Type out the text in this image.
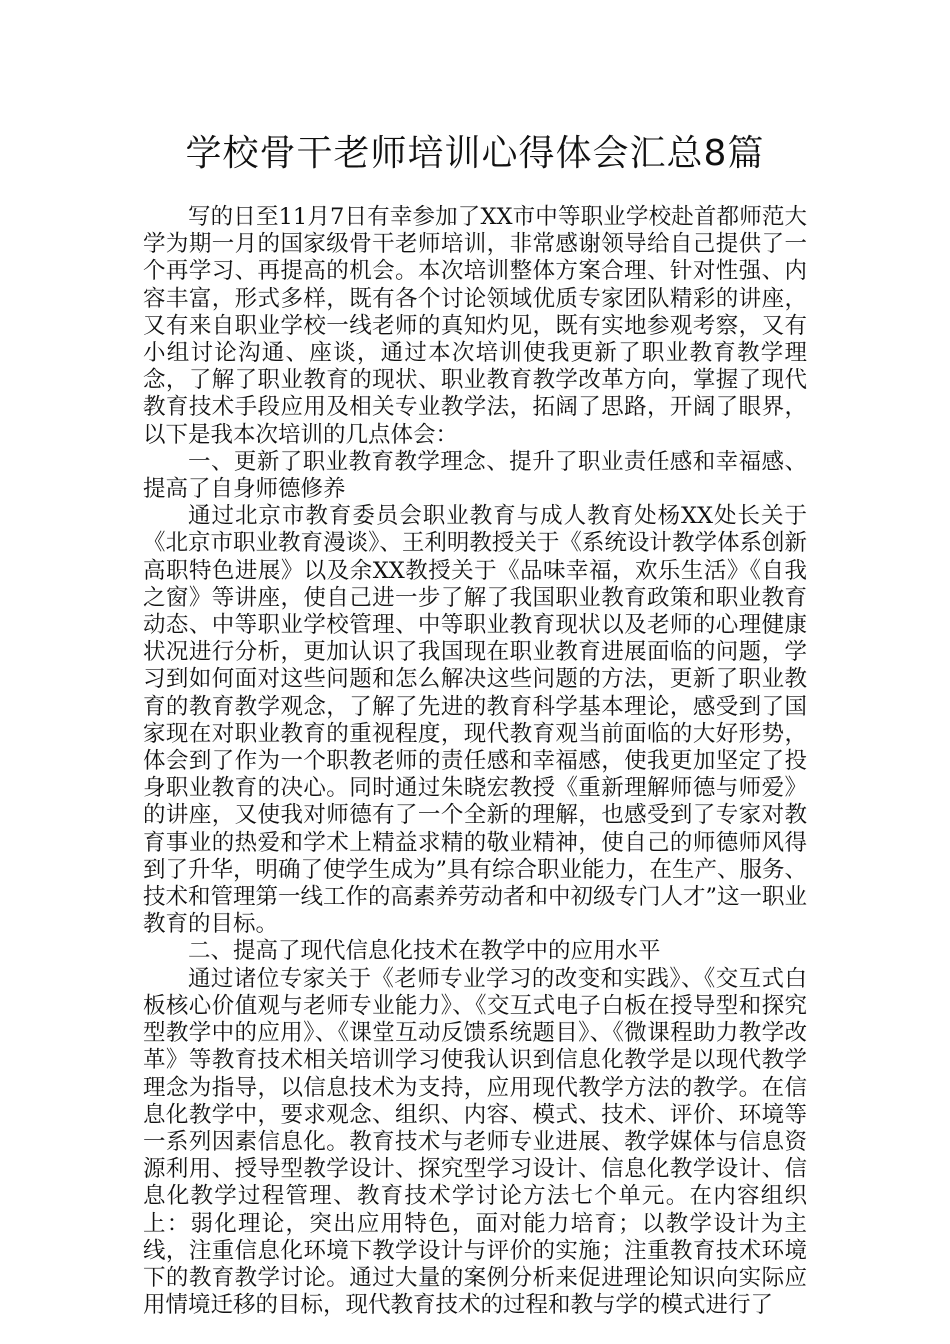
学校骨干老师培训心得体会汇总8篇

写的日至11月7日有幸参加了XX市中等职业学校赴首都师范大学为期一月的国家级骨干老师培训，非常感谢领导给自己提供了一个再学习、再提高的机会。本次培训整体方案合理、针对性强、内容丰富，形式多样，既有各个讨论领域优质专家团队精彩的讲座，又有来自职业学校一线老师的真知灼见，既有实地参观考察，又有小组讨论沟通、座谈，通过本次培训使我更新了职业教育教学理念，了解了职业教育的现状、职业教育教学改革方向，掌握了现代教育技术手段应用及相关专业教学法，拓阔了思路，开阔了眼界，以下是我本次培训的几点体会：

一、更新了职业教育教学理念、提升了职业责任感和幸福感、提高了自身师德修养

通过北京市教育委员会职业教育与成人教育处杨XX处长关于《北京市职业教育漫谈》、王利明教授关于《系统设计教学体系创新高职特色进展》以及余XX教授关于《品味幸福，欢乐生活》《自我之窗》等讲座，使自己进一步了解了我国职业教育政策和职业教育动态、中等职业学校管理、中等职业教育现状以及老师的心理健康状况进行分析，更加认识了我国现在职业教育进展面临的问题，学习到如何面对这些问题和怎么解决这些问题的方法，更新了职业教育的教育教学观念，了解了先进的教育科学基本理论，感受到了国家现在对职业教育的重视程度，现代教育观当前面临的大好形势，体会到了作为一个职教老师的责任感和幸福感，使我更加坚定了投身职业教育的决心。同时通过朱晓宏教授《重新理解师德与师爱》的讲座，又使我对师德有了一个全新的理解，也感受到了专家对教育事业的热爱和学术上精益求精的敬业精神，使自己的师德师风得到了升华，明确了使学生成为”具有综合职业能力，在生产、服务、技术和管理第一线工作的高素养劳动者和中初级专门人才”这一职业教育的目标。

二、提高了现代信息化技术在教学中的应用水平

通过诸位专家关于《老师专业学习的改变和实践》、《交互式白板核心价值观与老师专业能力》、《交互式电子白板在授导型和探究型教学中的应用》、《课堂互动反馈系统题目》、《微课程助力教学改革》等教育技术相关培训学习使我认识到信息化教学是以现代教学理念为指导，以信息技术为支持，应用现代教学方法的教学。在信息化教学中，要求观念、组织、内容、模式、技术、评价、环境等一系列因素信息化。教育技术与老师专业进展、教学媒体与信息资源利用、授导型教学设计、探究型学习设计、信息化教学设计、信息化教学过程管理、教育技术学讨论方法七个单元。在内容组织上：弱化理论，突出应用特色，面对能力培育；以教学设计为主线，注重信息化环境下教学设计与评价的实施；注重教育技术环境下的教育教学讨论。通过大量的案例分析来促进理论知识向实际应用情境迁移的目标，现代教育技术的过程和教与学的模式进行了
